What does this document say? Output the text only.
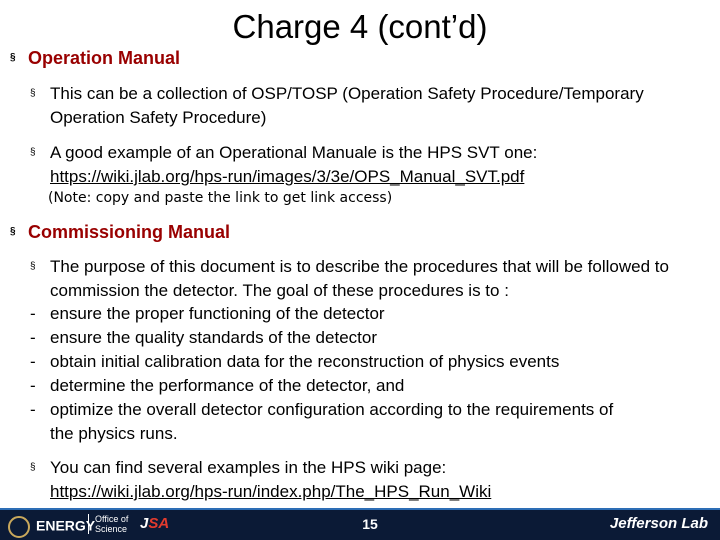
Charge 4 (cont’d)
§ Operation Manual
§ This can be a collection of OSP/TOSP (Operation Safety Procedure/Temporary Operation Safety Procedure)
§ A good example of an Operational Manuale is the HPS SVT one:
https://wiki.jlab.org/hps-run/images/3/3e/OPS_Manual_SVT.pdf
(Note: copy and paste the link to get link access)
§ Commissioning Manual
§ The purpose of this document is to describe the procedures that will be followed to commission the detector. The goal of these procedures is to :
- ensure the proper functioning of the detector
- ensure the quality standards of the detector
- obtain initial calibration data for the reconstruction of physics events
- determine the performance of the detector, and
- optimize the overall detector configuration according to the requirements of
the physics runs.
§ You can find several examples in the HPS wiki page:
https://wiki.jlab.org/hps-run/index.php/The_HPS_Run_Wiki
ENERGY Office of
Science JSA	15	Jefferson Lab
